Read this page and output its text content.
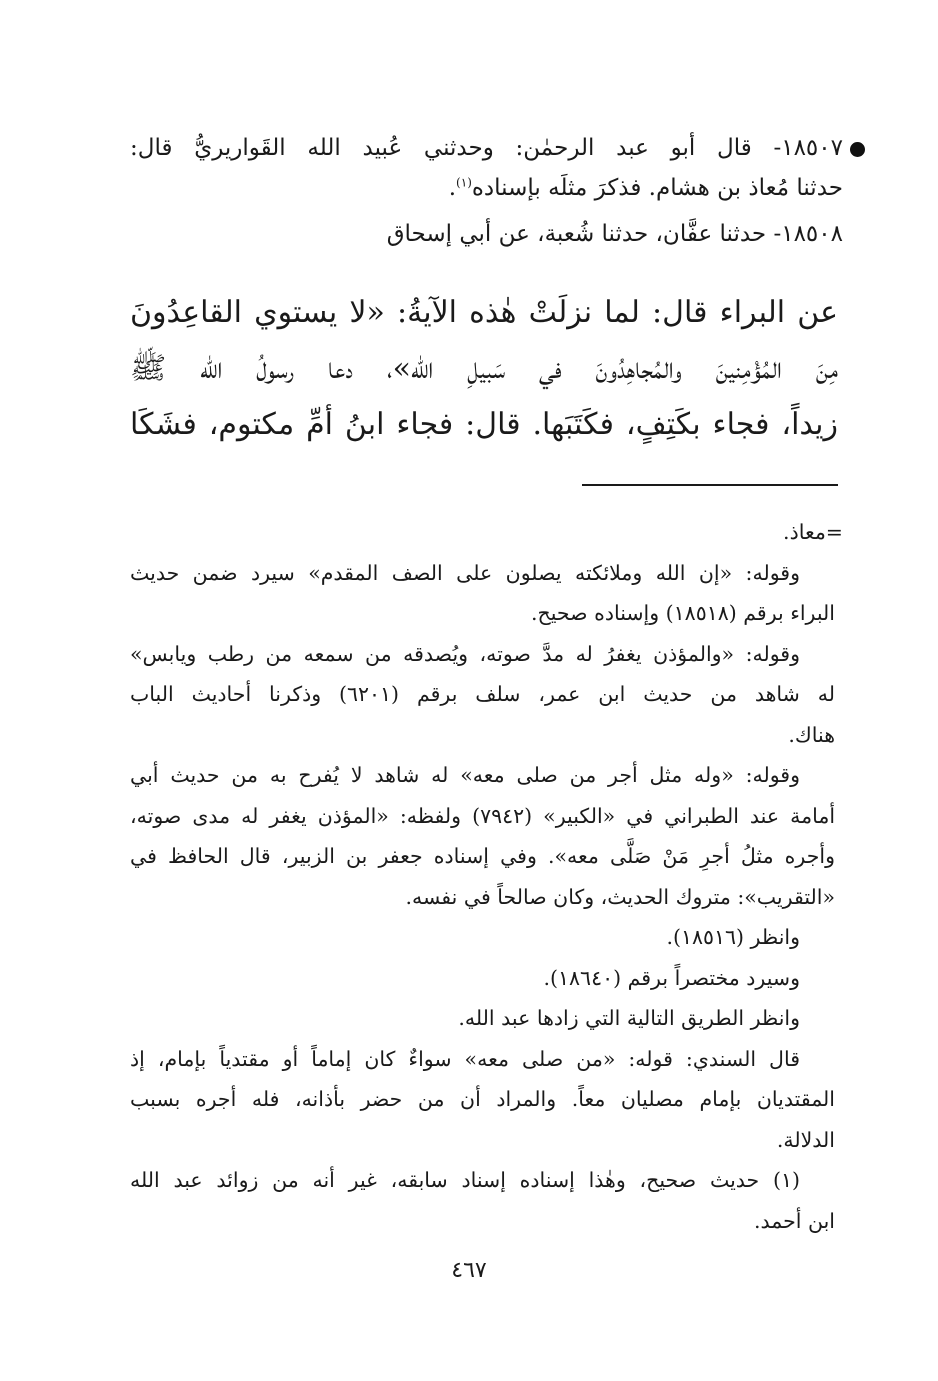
١٨٥٠٧- قال أبو عبد الرحمٰن: وحدثني عُبيد الله القَواريريُّ قال:
حدثنا مُعاذ بن هشام. فذكرَ مثلَه بإسناده$^{(١)}$.
١٨٥٠٨- حدثنا عفَّان، حدثنا شُعبة، عن أبي إسحاق
عن البراء قال: لما نزلَتْ هٰذه الآيةُ: «لا يستوي القاعِدُونَ
مِنَ المُؤْمِنينَ والمُجاهِدُونَ في سَبيلِ الله»، دعا رسولُ الله ﷺ
زيداً، فجاء بكَتِفٍ، فكَتَبَها. قال: فجاء ابنُ أمِّ مكتوم، فشَكَا
=معاذ.
وقوله: «إن الله وملائكته يصلون على الصف المقدم» سيرد ضمن حديث
البراء برقم (١٨٥١٨) وإسناده صحيح.
وقوله: «والمؤذن يغفرُ له مدَّ صوته، ويُصدقه من سمعه من رطب ويابس»
له شاهد من حديث ابن عمر، سلف برقم (٦٢٠١) وذكرنا أحاديث الباب
هناك.
وقوله: «وله مثل أجر من صلى معه» له شاهد لا يُفرح به من حديث أبي
أمامة عند الطبراني في «الكبير» (٧٩٤٢) ولفظه: «المؤذن يغفر له مدى صوته،
وأجره مثلُ أجرِ مَنْ صَلَّى معه». وفي إسناده جعفر بن الزبير، قال الحافظ في
«التقريب»: متروك الحديث، وكان صالحاً في نفسه.
وانظر (١٨٥١٦).
وسيرد مختصراً برقم (١٨٦٤٠).
وانظر الطريق التالية التي زادها عبد الله.
قال السندي: قوله: «من صلى معه» سواءٌ كان إماماً أو مقتدياً بإمام، إذ
المقتديان بإمام مصليان معاً. والمراد أن من حضر بأذانه، فله أجره بسبب
الدلالة.
(١) حديث صحيح، وهٰذا إسناده إسناد سابقه، غير أنه من زوائد عبد الله
ابن أحمد.
٤٦٧
